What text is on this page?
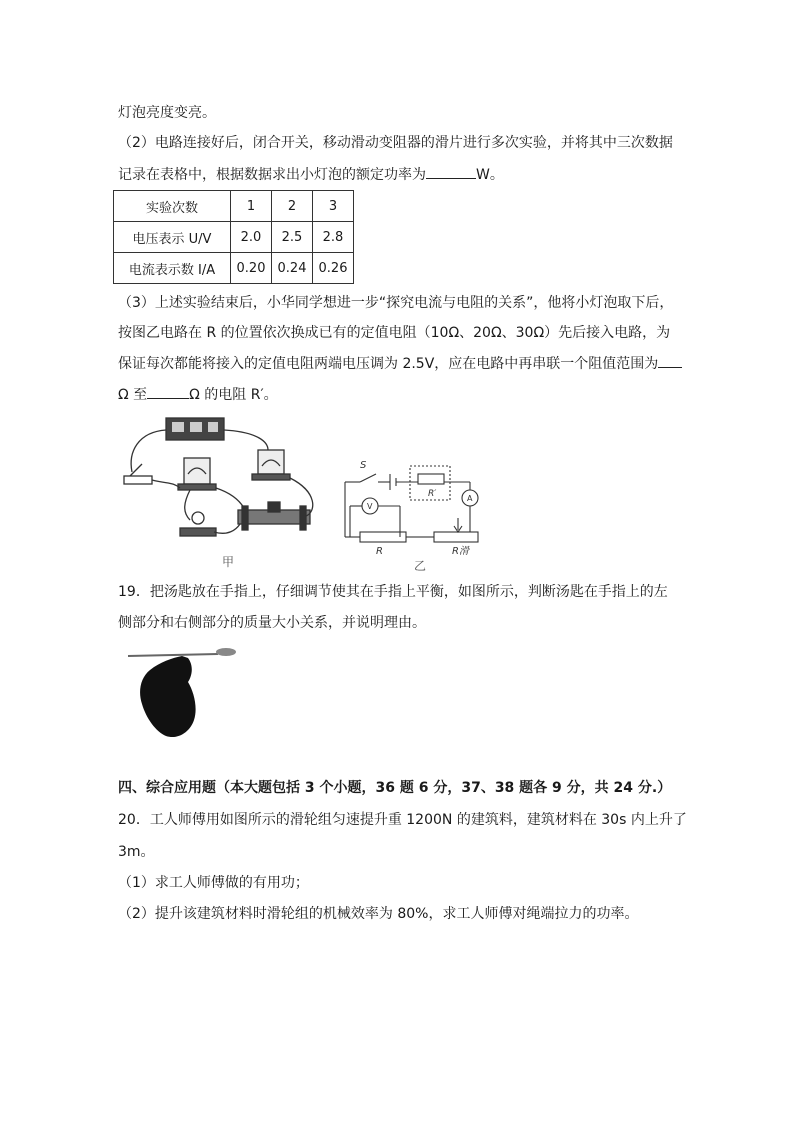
灯泡亮度变亮。
（2）电路连接好后，闭合开关，移动滑动变阻器的滑片进行多次实验，并将其中三次数据
记录在表格中，根据数据求出小灯泡的额定功率为	W。
实验次数	1	2	3
电压表示 U/V	2.0	2.5	2.8
电流表示数 I/A	0.20	0.24	0.26
（3）上述实验结束后，小华同学想进一步“探究电流与电阻的关系”，他将小灯泡取下后，
按图乙电路在 R 的位置依次换成已有的定值电阻（10Ω、20Ω、30Ω）先后接入电路，为
保证每次都能将接入的定值电阻两端电压调为 2.5V，应在电路中再串联一个阻值范围为
Ω 至	Ω 的电阻 R′。
甲
S
R′	A
V
R	R滑
乙
19．把汤匙放在手指上，仔细调节使其在手指上平衡，如图所示，判断汤匙在手指上的左
侧部分和右侧部分的质量大小关系，并说明理由。
四、综合应用题（本大题包括 3 个小题，36 题 6 分，37、38 题各 9 分，共 24 分.）
20．工人师傅用如图所示的滑轮组匀速提升重 1200N 的建筑料，建筑材料在 30s 内上升了
3m。
（1）求工人师傅做的有用功；
（2）提升该建筑材料时滑轮组的机械效率为 80%，求工人师傅对绳端拉力的功率。
